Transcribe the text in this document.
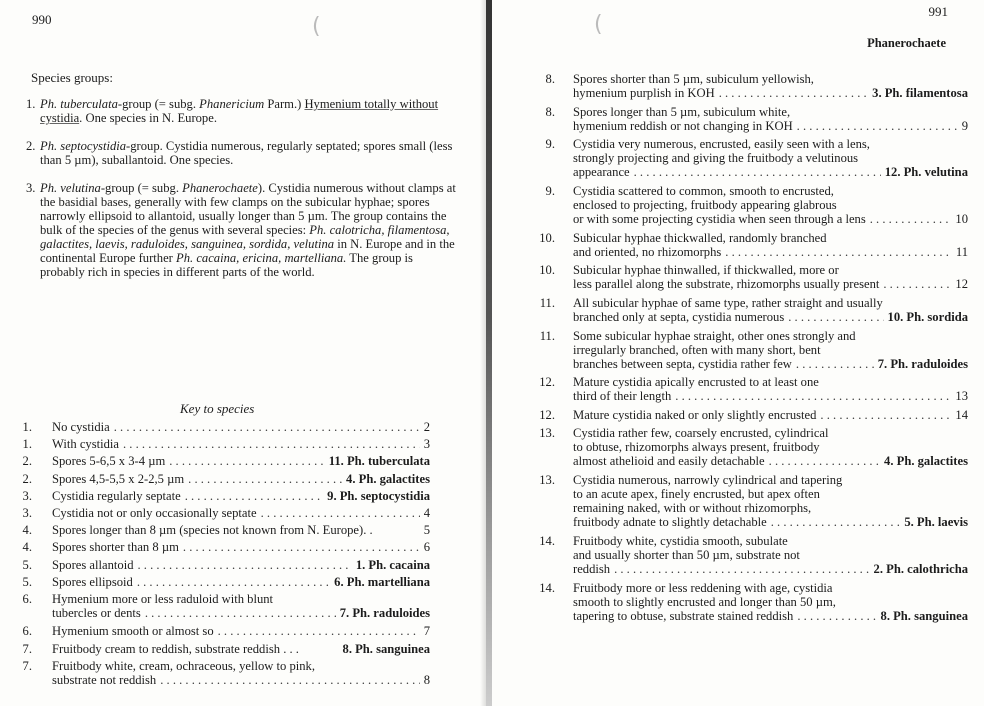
990	(
Species groups:
1. Ph. tuberculata-group (= subg. Phanericium Parm.) Hymenium totally without cystidia. One species in N. Europe.
2. Ph. septocystidia-group. Cystidia numerous, regularly septated; spores small (less than 5 µm), suballantoid. One species.
3. Ph. velutina-group (= subg. Phanerochaete). Cystidia numerous without clamps at the basidial bases, generally with few clamps on the subicular hyphae; spores narrowly ellipsoid to allantoid, usually longer than 5 µm. The group contains the bulk of the species of the genus with several species: Ph. calotricha, filamentosa, galactites, laevis, raduloides, sanguinea, sordida, velutina in N. Europe and in the continental Europe further Ph. cacaina, ericina, martelliana. The group is probably rich in species in different parts of the world.
Key to species
1. No cystidia . . .	2
1. With cystidia . . .	3
2. Spores 5-6,5 x 3-4 µm . . .	11. Ph. tuberculata
2. Spores 4,5-5,5 x 2-2,5 µm . . .	4. Ph. galactites
3. Cystidia regularly septate . . .	9. Ph. septocystidia
3. Cystidia not or only occasionally septate . . .	4
4. Spores longer than 8 µm (species not known from N. Europe). .	5
4. Spores shorter than 8 µm . . .	6
5. Spores allantoid . . .	1. Ph. cacaina
5. Spores ellipsoid . . .	6. Ph. martelliana
6. Hymenium more or less raduloid with blunt
tubercles or dents . . .	7. Ph. raduloides
6. Hymenium smooth or almost so . . .	7
7. Fruitbody cream to reddish, substrate reddish . . .	8. Ph. sanguinea
7. Fruitbody white, cream, ochraceous, yellow to pink,
substrate not reddish . . .	8
991
(
Phanerochaete
8. Spores shorter than 5 µm, subiculum yellowish,
hymenium purplish in KOH . . .	3. Ph. filamentosa
8. Spores longer than 5 µm, subiculum white,
hymenium reddish or not changing in KOH . . .	9
9. Cystidia very numerous, encrusted, easily seen with a lens,
strongly projecting and giving the fruitbody a velutinous
appearance . . .	12. Ph. velutina
9. Cystidia scattered to common, smooth to encrusted,
enclosed to projecting, fruitbody appearing glabrous
or with some projecting cystidia when seen through a lens . . .	10
10. Subicular hyphae thickwalled, randomly branched
and oriented, no rhizomorphs . . .	11
10. Subicular hyphae thinwalled, if thickwalled, more or
less parallel along the substrate, rhizomorphs usually present . . .	12
11. All subicular hyphae of same type, rather straight and usually
branched only at septa, cystidia numerous . . .	10. Ph. sordida
11. Some subicular hyphae straight, other ones strongly and
irregularly branched, often with many short, bent
branches between septa, cystidia rather few . . .	7. Ph. raduloides
12. Mature cystidia apically encrusted to at least one
third of their length . . .	13
12. Mature cystidia naked or only slightly encrusted . . .	14
13. Cystidia rather few, coarsely encrusted, cylindrical
to obtuse, rhizomorphs always present, fruitbody
almost athelioid and easily detachable . . .	4. Ph. galactites
13. Cystidia numerous, narrowly cylindrical and tapering
to an acute apex, finely encrusted, but apex often
remaining naked, with or without rhizomorphs,
fruitbody adnate to slightly detachable . . .	5. Ph. laevis
14. Fruitbody white, cystidia smooth, subulate
and usually shorter than 50 µm, substrate not
reddish . . .	2. Ph. calothricha
14. Fruitbody more or less reddening with age, cystidia
smooth to slightly encrusted and longer than 50 µm,
tapering to obtuse, substrate stained reddish . . .	8. Ph. sanguinea
